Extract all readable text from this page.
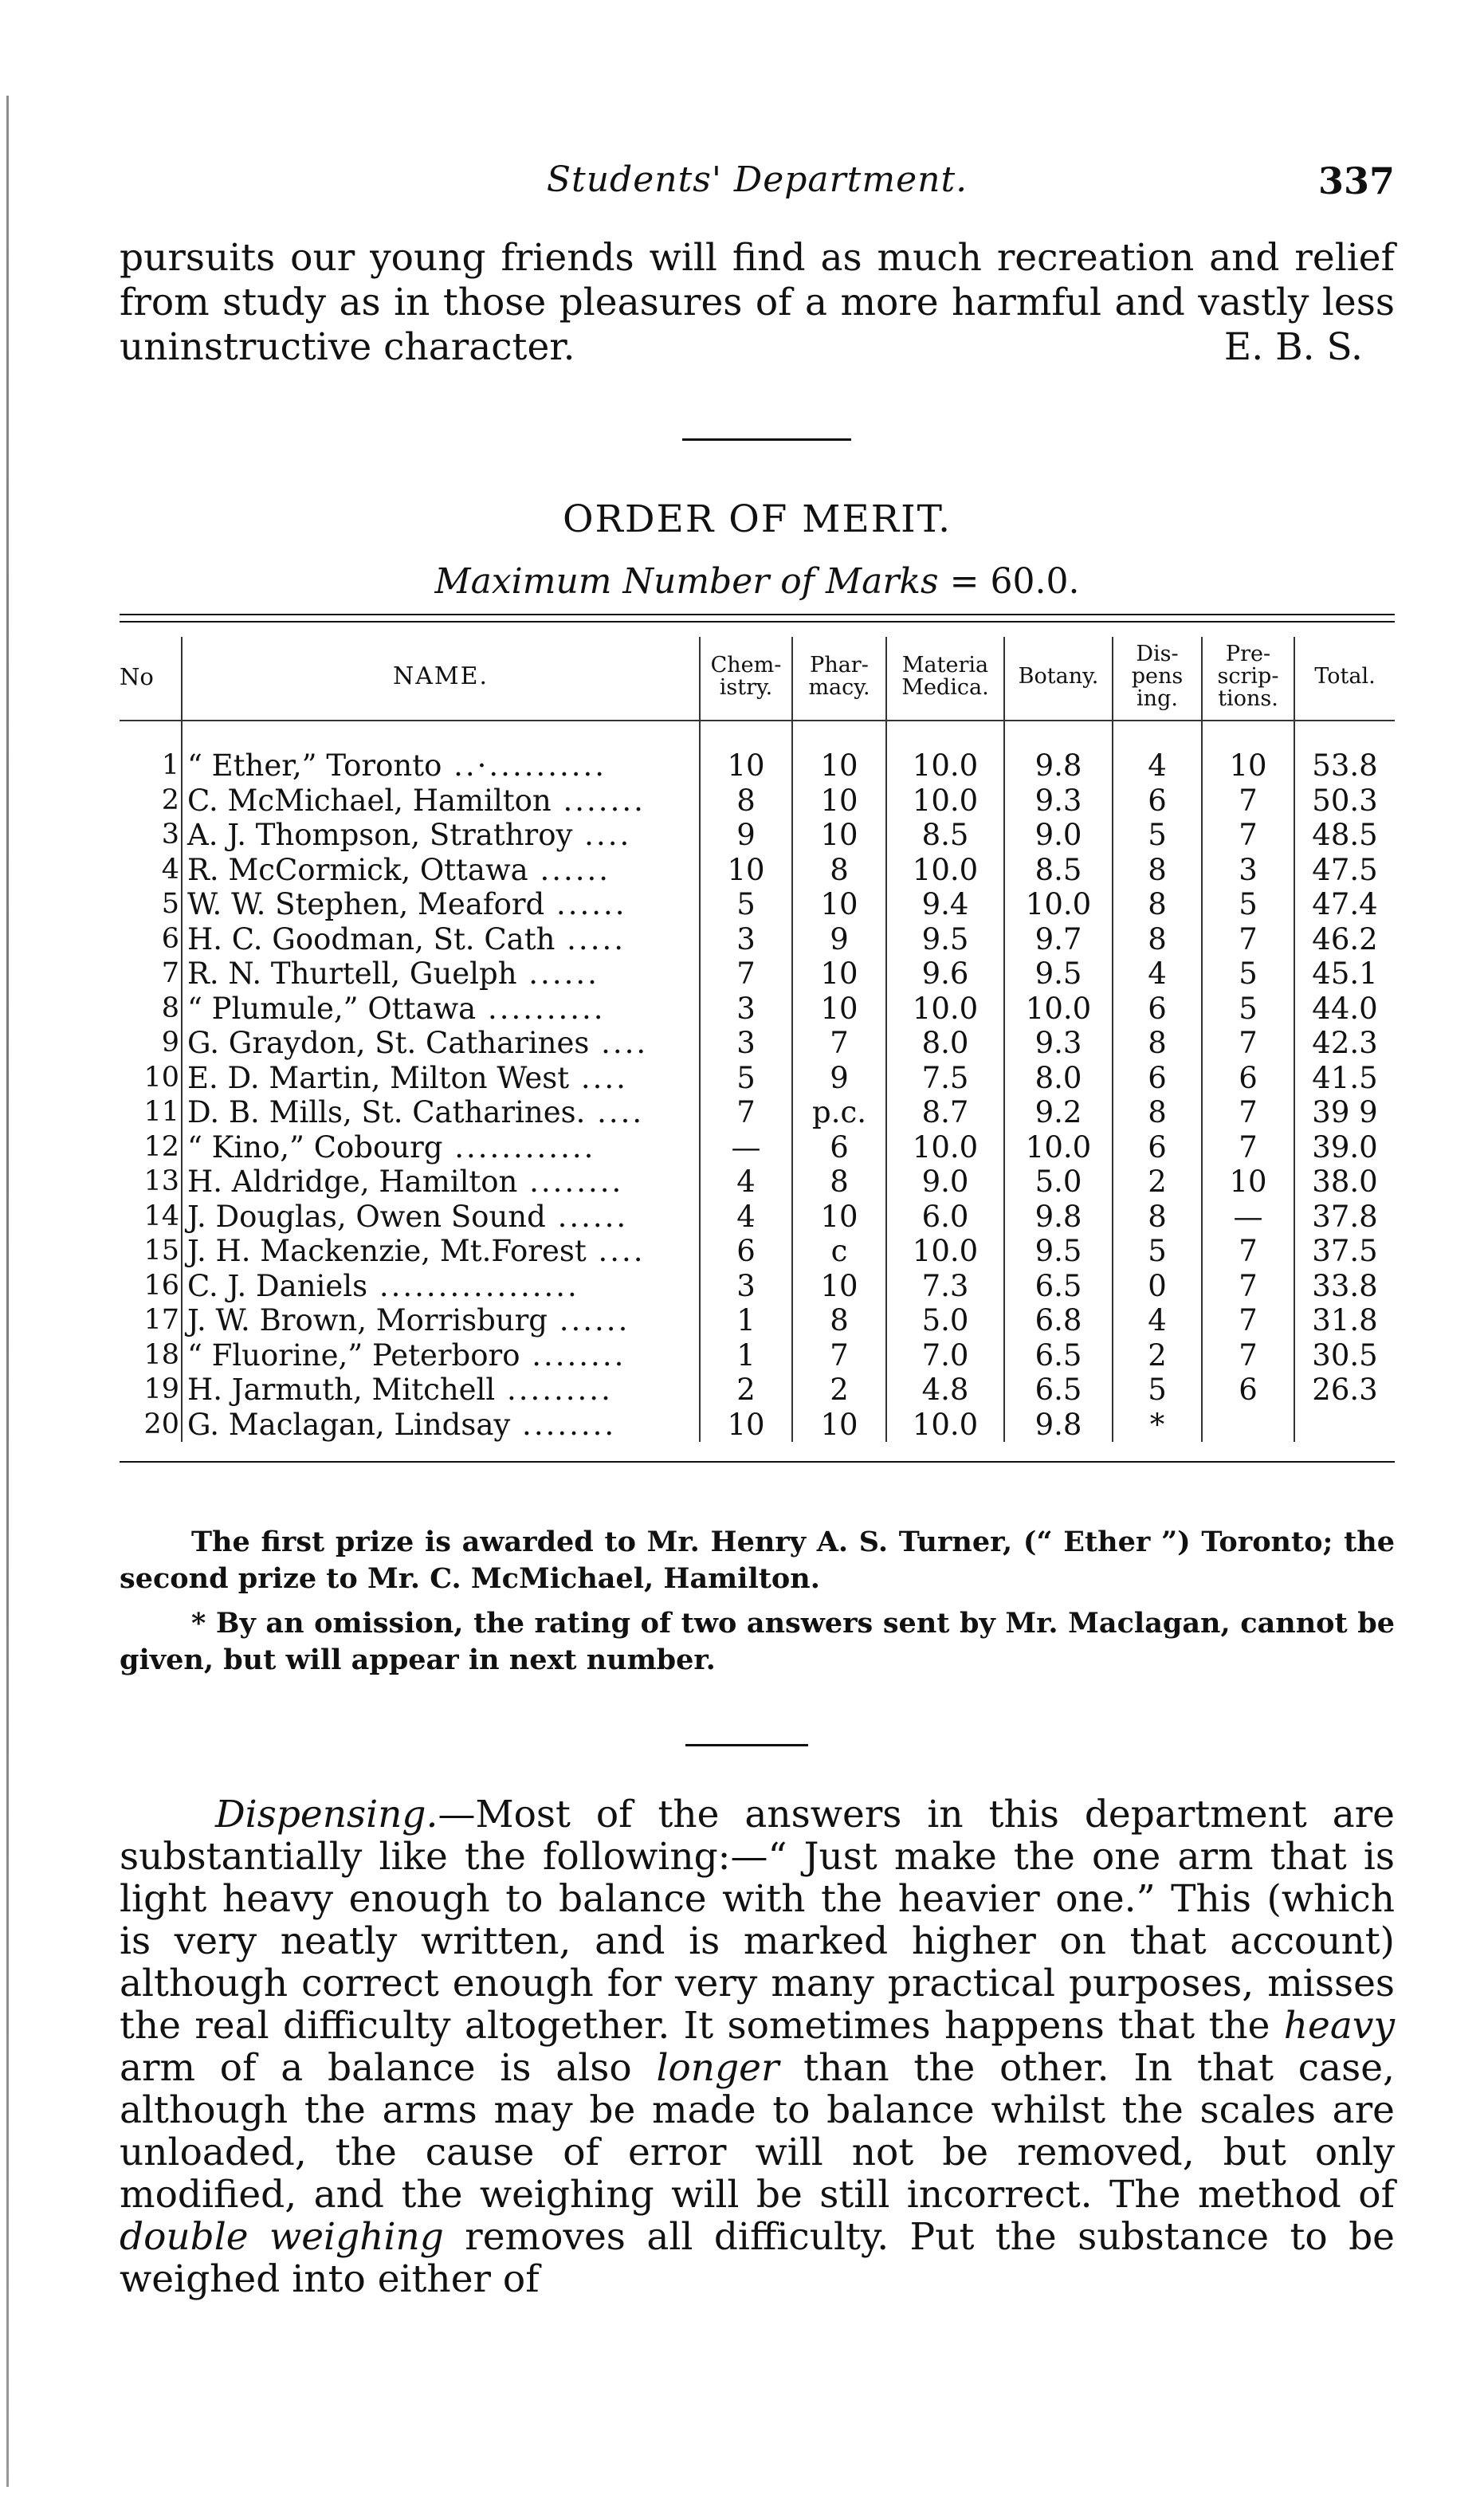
Students' Department.	337

pursuits our young friends will find as much recreation and relief from study as in those pleasures of a more harmful and vastly less uninstructive character.	E. B. S.

ORDER OF MERIT.
Maximum Number of Marks = 60.0.
No	NAME.	Chem-istry.	Phar-macy.	Materia Medica.	Botany.	Dis-pens ing.	Pre-scrip-tions.	Total.

1	“ Ether,” Toronto ..·..........	10	10	10.0	9.8	4	10	53.8
2	C. McMichael, Hamilton .......	8	10	10.0	9.3	6	7	50.3
3	A. J. Thompson, Strathroy ....	9	10	8.5	9.0	5	7	48.5
4	R. McCormick, Ottawa ......	10	8	10.0	8.5	8	3	47.5
5	W. W. Stephen, Meaford ......	5	10	9.4	10.0	8	5	47.4
6	H. C. Goodman, St. Cath .....	3	9	9.5	9.7	8	7	46.2
7	R. N. Thurtell, Guelph ......	7	10	9.6	9.5	4	5	45.1
8	“ Plumule,” Ottawa ..........	3	10	10.0	10.0	6	5	44.0
9	G. Graydon, St. Catharines ....	3	7	8.0	9.3	8	7	42.3
10	E. D. Martin, Milton West ....	5	9	7.5	8.0	6	6	41.5
11	D. B. Mills, St. Catharines. ....	7	p.c.	8.7	9.2	8	7	39 9
12	“ Kino,” Cobourg ............	—	6	10.0	10.0	6	7	39.0
13	H. Aldridge, Hamilton ........	4	8	9.0	5.0	2	10	38.0
14	J. Douglas, Owen Sound ......	4	10	6.0	9.8	8	—	37.8
15	J. H. Mackenzie, Mt.Forest ....	6	c	10.0	9.5	5	7	37.5
16	C. J. Daniels .................	3	10	7.3	6.5	0	7	33.8
17	J. W. Brown, Morrisburg ......	1	8	5.0	6.8	4	7	31.8
18	“ Fluorine,” Peterboro ........	1	7	7.0	6.5	2	7	30.5
19	H. Jarmuth, Mitchell .........	2	2	4.8	6.5	5	6	26.3
20	G. Maclagan, Lindsay ........	10	10	10.0	9.8	*		

The first prize is awarded to Mr. Henry A. S. Turner, (“ Ether ”) Toronto; the second prize to Mr. C. McMichael, Hamilton.

* By an omission, the rating of two answers sent by Mr. Maclagan, cannot be given, but will appear in next number.

Dispensing.—Most of the answers in this department are substantially like the following:—“ Just make the one arm that is light heavy enough to balance with the heavier one.” This (which is very neatly written, and is marked higher on that account) although correct enough for very many practical purposes, misses the real difficulty altogether. It sometimes happens that the heavy arm of a balance is also longer than the other. In that case, although the arms may be made to balance whilst the scales are unloaded, the cause of error will not be removed, but only modified, and the weighing will be still incorrect. The method of double weighing removes all difficulty. Put the substance to be weighed into either of
